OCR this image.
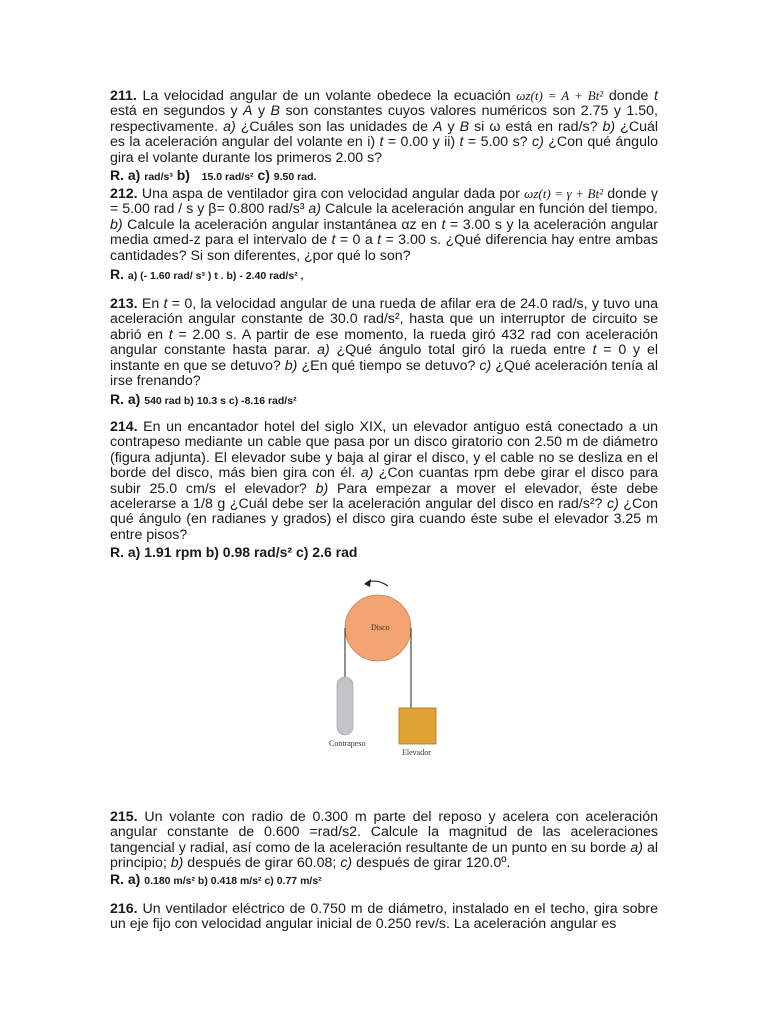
211. La velocidad angular de un volante obedece la ecuación ωz(t) = A + Bt² donde t está en segundos y A y B son constantes cuyos valores numéricos son 2.75 y 1.50, respectivamente. a) ¿Cuáles son las unidades de A y B si ω está en rad/s? b) ¿Cuál es la aceleración angular del volante en i) t = 0.00 y ii) t = 5.00 s? c) ¿Con qué ángulo gira el volante durante los primeros 2.00 s?

R. a) rad/s³ b) 15.0 rad/s² c) 9.50 rad.

212. Una aspa de ventilador gira con velocidad angular dada por ωz(t) = γ + Bt² donde γ = 5.00 rad / s y β= 0.800 rad/s³ a) Calcule la aceleración angular en función del tiempo. b) Calcule la aceleración angular instantánea αz en t = 3.00 s y la aceleración angular media αmed-z para el intervalo de t = 0 a t = 3.00 s. ¿Qué diferencia hay entre ambas cantidades? Si son diferentes, ¿por qué lo son?

R. a) (- 1.60 rad/ s³ ) t . b) - 2.40 rad/s² ,

213. En t = 0, la velocidad angular de una rueda de afilar era de 24.0 rad/s, y tuvo una aceleración angular constante de 30.0 rad/s², hasta que un interruptor de circuito se abrió en t = 2.00 s. A partir de ese momento, la rueda giró 432 rad con aceleración angular constante hasta parar. a) ¿Qué ángulo total giró la rueda entre t = 0 y el instante en que se detuvo? b) ¿En qué tiempo se detuvo? c) ¿Qué aceleración tenía al irse frenando?

R. a) 540 rad b) 10.3 s c) -8.16 rad/s²

214. En un encantador hotel del siglo XIX, un elevador antiguo está conectado a un contrapeso mediante un cable que pasa por un disco giratorio con 2.50 m de diámetro (figura adjunta). El elevador sube y baja al girar el disco, y el cable no se desliza en el borde del disco, más bien gira con él. a) ¿Con cuantas rpm debe girar el disco para subir 25.0 cm/s el elevador? b) Para empezar a mover el elevador, éste debe acelerarse a 1/8 g ¿Cuál debe ser la aceleración angular del disco en rad/s²? c) ¿Con qué ángulo (en radianes y grados) el disco gira cuando éste sube el elevador 3.25 m entre pisos?

R. a) 1.91 rpm b) 0.98 rad/s² c) 2.6 rad

Disco
Contrapeso
Elevador

215. Un volante con radio de 0.300 m parte del reposo y acelera con aceleración angular constante de 0.600 =rad/s2. Calcule la magnitud de las aceleraciones tangencial y radial, así como de la aceleración resultante de un punto en su borde a) al principio; b) después de girar 60.08; c) después de girar 120.0º.

R. a) 0.180 m/s² b) 0.418 m/s² c) 0.77 m/s²

216. Un ventilador eléctrico de 0.750 m de diámetro, instalado en el techo, gira sobre un eje fijo con velocidad angular inicial de 0.250 rev/s. La aceleración angular es
